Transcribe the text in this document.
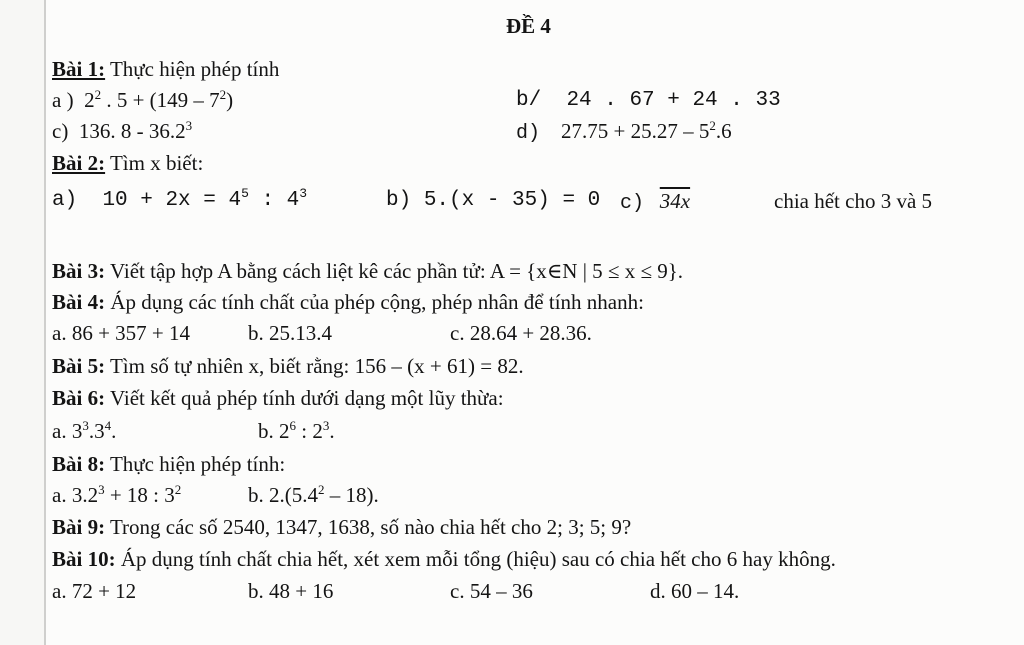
ĐỀ 4
Bài 1: Thực hiện phép tính
a )  $2^2$ . $5 + (149 - 7^2)$	b/ 24 . 67 + 24 . 33
c)  136. 8 - 36.2$^3$	d) $27.75 + 25.27 - 5^2.6$
Bài 2: Tìm x biết:
a) $10 + 2x = 4^5$ : $4^3$	b) 5.(x - 35) = 0 c) 34x	chia hết cho 3 và 5
Bài 3: Viết tập hợp A bằng cách liệt kê các phần tử: A = {x∈N | 5 ≤ x ≤ 9}.
Bài 4: Áp dụng các tính chất của phép cộng, phép nhân để tính nhanh:
a. 86 + 357 + 14	b. 25.13.4	c. 28.64 + 28.36.
Bài 5: Tìm số tự nhiên x, biết rằng: 156 – (x + 61) = 82.
Bài 6: Viết kết quả phép tính dưới dạng một lũy thừa:
a. $3^3.3^4$.	b. $2^6$ : $2^3$.
Bài 8: Thực hiện phép tính:
a. $3.2^3 + 18$ : $3^2$	b. $2.(5.4^2 - 18)$.
Bài 9: Trong các số 2540, 1347, 1638, số nào chia hết cho 2; 3; 5; 9?
Bài 10: Áp dụng tính chất chia hết, xét xem mỗi tổng (hiệu) sau có chia hết cho 6 hay không.
a. 72 + 12	b. 48 + 16	c. 54 – 36	d. 60 – 14.
